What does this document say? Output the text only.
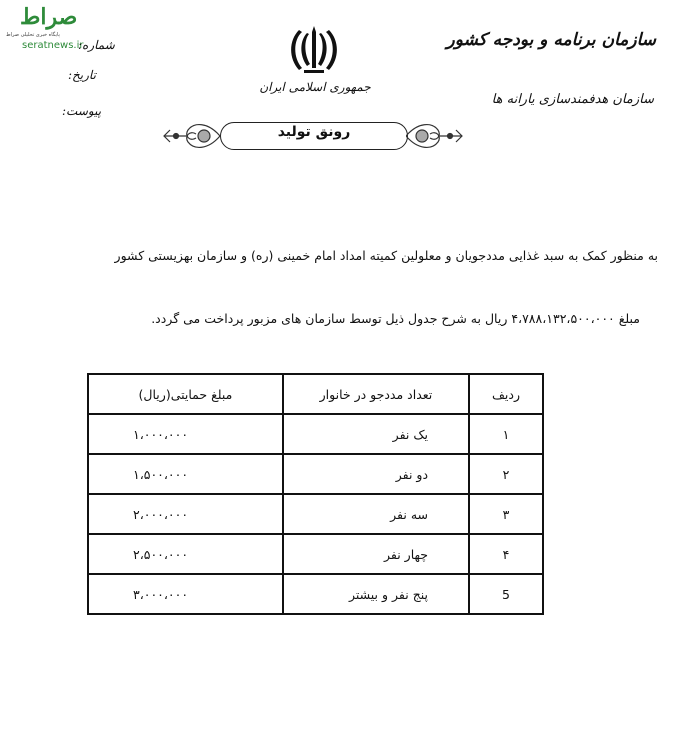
صراط
پایگاه خبری تحلیلی صراط
seratnews.ir
شماره:
تاریخ:
پیوست:
جمهوری اسلامی ایران
سازمان برنامه و بودجه کشور
سازمان هدفمندسازی یارانه ها
رونق تولید
به منظور کمک به سبد غذایی مددجویان و معلولین کمیته امداد امام خمینی (ره) و سازمان بهزیستی کشور
مبلغ ۴،۷۸۸،۱۳۲،۵۰۰،۰۰۰ ریال به شرح جدول ذیل توسط سازمان های مزبور پرداخت می گردد.
ردیف	تعداد مددجو در خانوار	مبلغ حمایتی(ریال)
۱	یک نفر	۱،۰۰۰،۰۰۰
۲	دو نفر	۱،۵۰۰،۰۰۰
۳	سه نفر	۲،۰۰۰،۰۰۰
۴	چهار نفر	۲،۵۰۰،۰۰۰
5	پنج نفر و بیشتر	۳،۰۰۰،۰۰۰
